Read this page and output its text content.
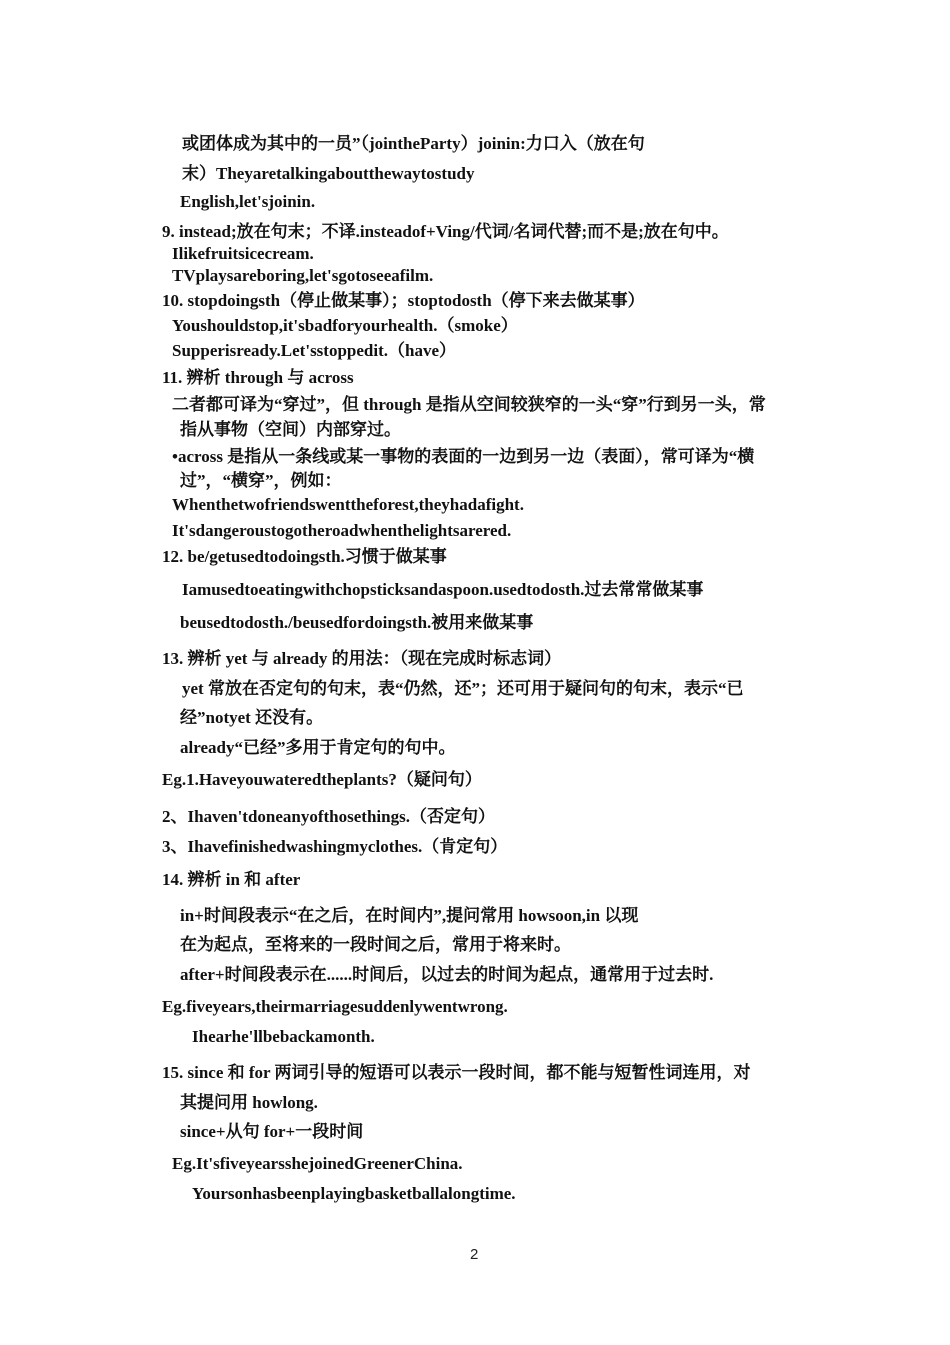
或团体成为其中的一员”（jointheParty）joinin:力口入（放在句
末）Theyaretalkingaboutthewaytostudy
English,let'sjoinin.
9. instead;放在句末；不译.insteadof+Ving/代词/名词代替;而不是;放在句中。
Ilikefruitsicecream.
TVplaysareboring,let'sgotoseeafilm.
10. stopdoingsth（停止做某事）；stoptodosth（停下来去做某事）
Youshouldstop,it'sbadforyourhealth.（smoke）
Supperisready.Let'sstoppedit.（have）
11. 辨析 through 与 across
二者都可译为“穿过”，但 through 是指从空间较狭窄的一头“穿”行到另一头，常
指从事物（空间）内部穿过。
•across 是指从一条线或某一事物的表面的一边到另一边（表面），常可译为“横
过”，“横穿”，例如：
Whenthetwofriendswenttheforest,theyhadafight.
It'sdangeroustogotheroadwhenthelightsarered.
12. be/getusedtodoingsth.习惯于做某事
Iamusedtoeatingwithchopsticksandaspoon.usedtodosth.过去常常做某事
beusedtodosth./beusedfordoingsth.被用来做某事
13. 辨析 yet 与 already 的用法：（现在完成时标志词）
yet 常放在否定句的句末，表“仍然，还”；还可用于疑问句的句末，表示“已
经”notyet 还没有。
already“已经”多用于肯定句的句中。
Eg.1.Haveyouwateredtheplants?（疑问句）
2、Ihaven'tdoneanyofthosethings.（否定句）
3、Ihavefinishedwashingmyclothes.（肯定句）
14. 辨析 in 和 after
in+时间段表示“在之后，在时间内”,提问常用 howsoon,in 以现
在为起点，至将来的一段时间之后，常用于将来时。
after+时间段表示在......时间后，以过去的时间为起点，通常用于过去时.
Eg.fiveyears,theirmarriagesuddenlywentwrong.
Ihearhe'llbebackamonth.
15. since 和 for 两词引导的短语可以表示一段时间，都不能与短暂性词连用，对
其提问用 howlong.
since+从句 for+一段时间
Eg.It'sfiveyearsshejoinedGreenerChina.
Yoursonhasbeenplayingbasketballalongtime.
2
